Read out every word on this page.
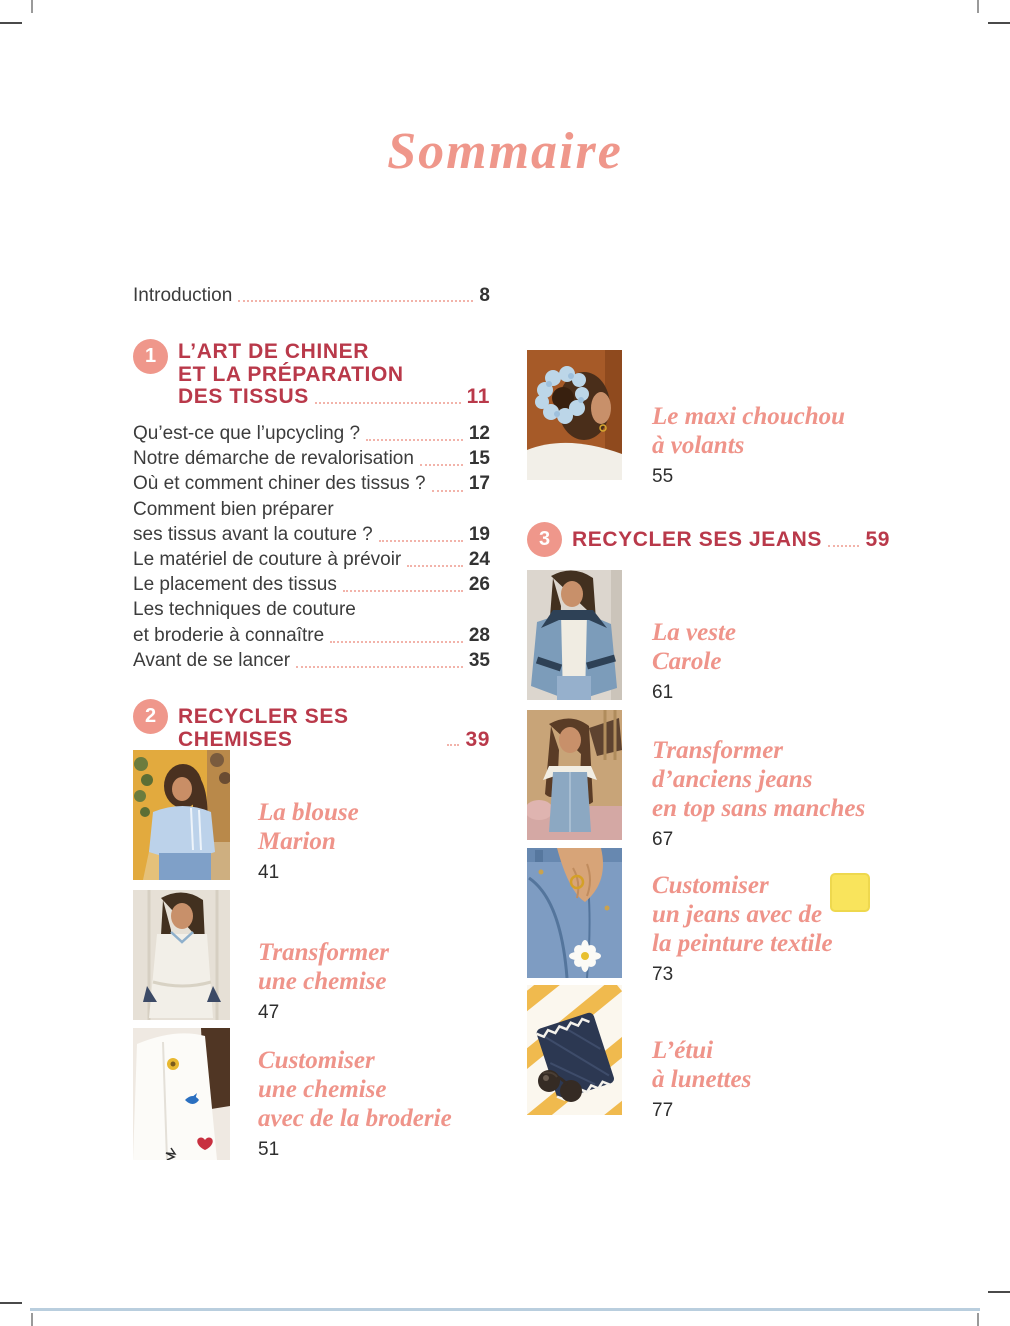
Sommaire
Introduction	8
1 L’ART DE CHINER
ET LA PRÉPARATION
DES TISSUS	11
Qu’est-ce que l’upcycling ?	12
Notre démarche de revalorisation	15
Où et comment chiner des tissus ? 17
Comment bien préparer
ses tissus avant la couture ?	19
Le matériel de couture à prévoir	24
Le placement des tissus	26
Les techniques de couture
et broderie à connaître	28
Avant de se lancer	35
2 RECYCLER SES CHEMISES	39
La blouse
Marion
41
Transformer
une chemise
47
Customiser
une chemise
avec de la broderie
51
Le maxi chouchou
à volants
55
3 RECYCLER SES JEANS 59
La veste
Carole
61
Transformer
d’anciens jeans
en top sans manches
67
Customiser
un jeans avec de
la peinture textile
73
L’étui
à lunettes
77
